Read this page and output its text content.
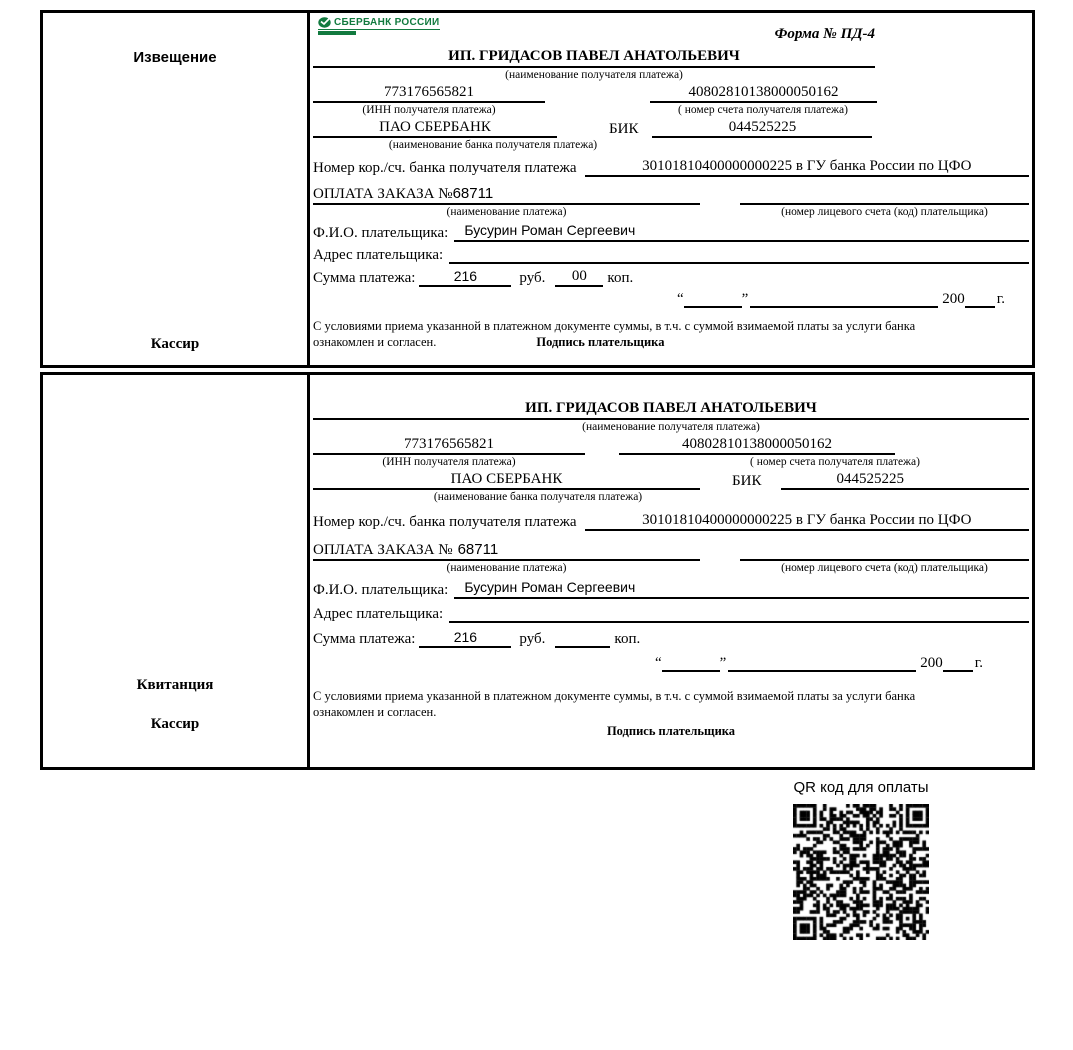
Извещение
Кассир
СБЕРБАНК РОССИИ
Форма № ПД-4
ИП. ГРИДАСОВ ПАВЕЛ АНАТОЛЬЕВИЧ
(наименование получателя платежа)
773176565821	40802810138000050162
(ИНН получателя платежа)	( номер счета получателя платежа)
ПАО СБЕРБАНК	БИК	044525225
(наименование банка получателя платежа)
Номер кор./сч. банка получателя платежа	30101810400000000225 в ГУ банка России по ЦФО
ОПЛАТА ЗАКАЗА №68711
(наименование платежа)	(номер лицевого счета (код) плательщика)
Ф.И.О. плательщика:	Бусурин Роман Сергеевич
Адрес плательщика:
Сумма платежа:	216	руб.	00	коп.
“	”	200 г.
С условиями приема указанной в платежном документе суммы, в т.ч. с суммой взимаемой платы за услуги банка
ознакомлен и согласен.	Подпись плательщика
Квитанция
Кассир
ИП. ГРИДАСОВ ПАВЕЛ АНАТОЛЬЕВИЧ
(наименование получателя платежа)
773176565821	40802810138000050162
(ИНН получателя платежа)	( номер счета получателя платежа)
ПАО СБЕРБАНК	БИК	044525225
(наименование банка получателя платежа)
Номер кор./сч. банка получателя платежа	30101810400000000225 в ГУ банка России по ЦФО
ОПЛАТА ЗАКАЗА № 68711
(наименование платежа)	(номер лицевого счета (код) плательщика)
Ф.И.О. плательщика:	Бусурин Роман Сергеевич
Адрес плательщика:
Сумма платежа:	216	руб.	коп.
“	”	200 г.
С условиями приема указанной в платежном документе суммы, в т.ч. с суммой взимаемой платы за услуги банка
ознакомлен и согласен.
Подпись плательщика
QR код для оплаты
